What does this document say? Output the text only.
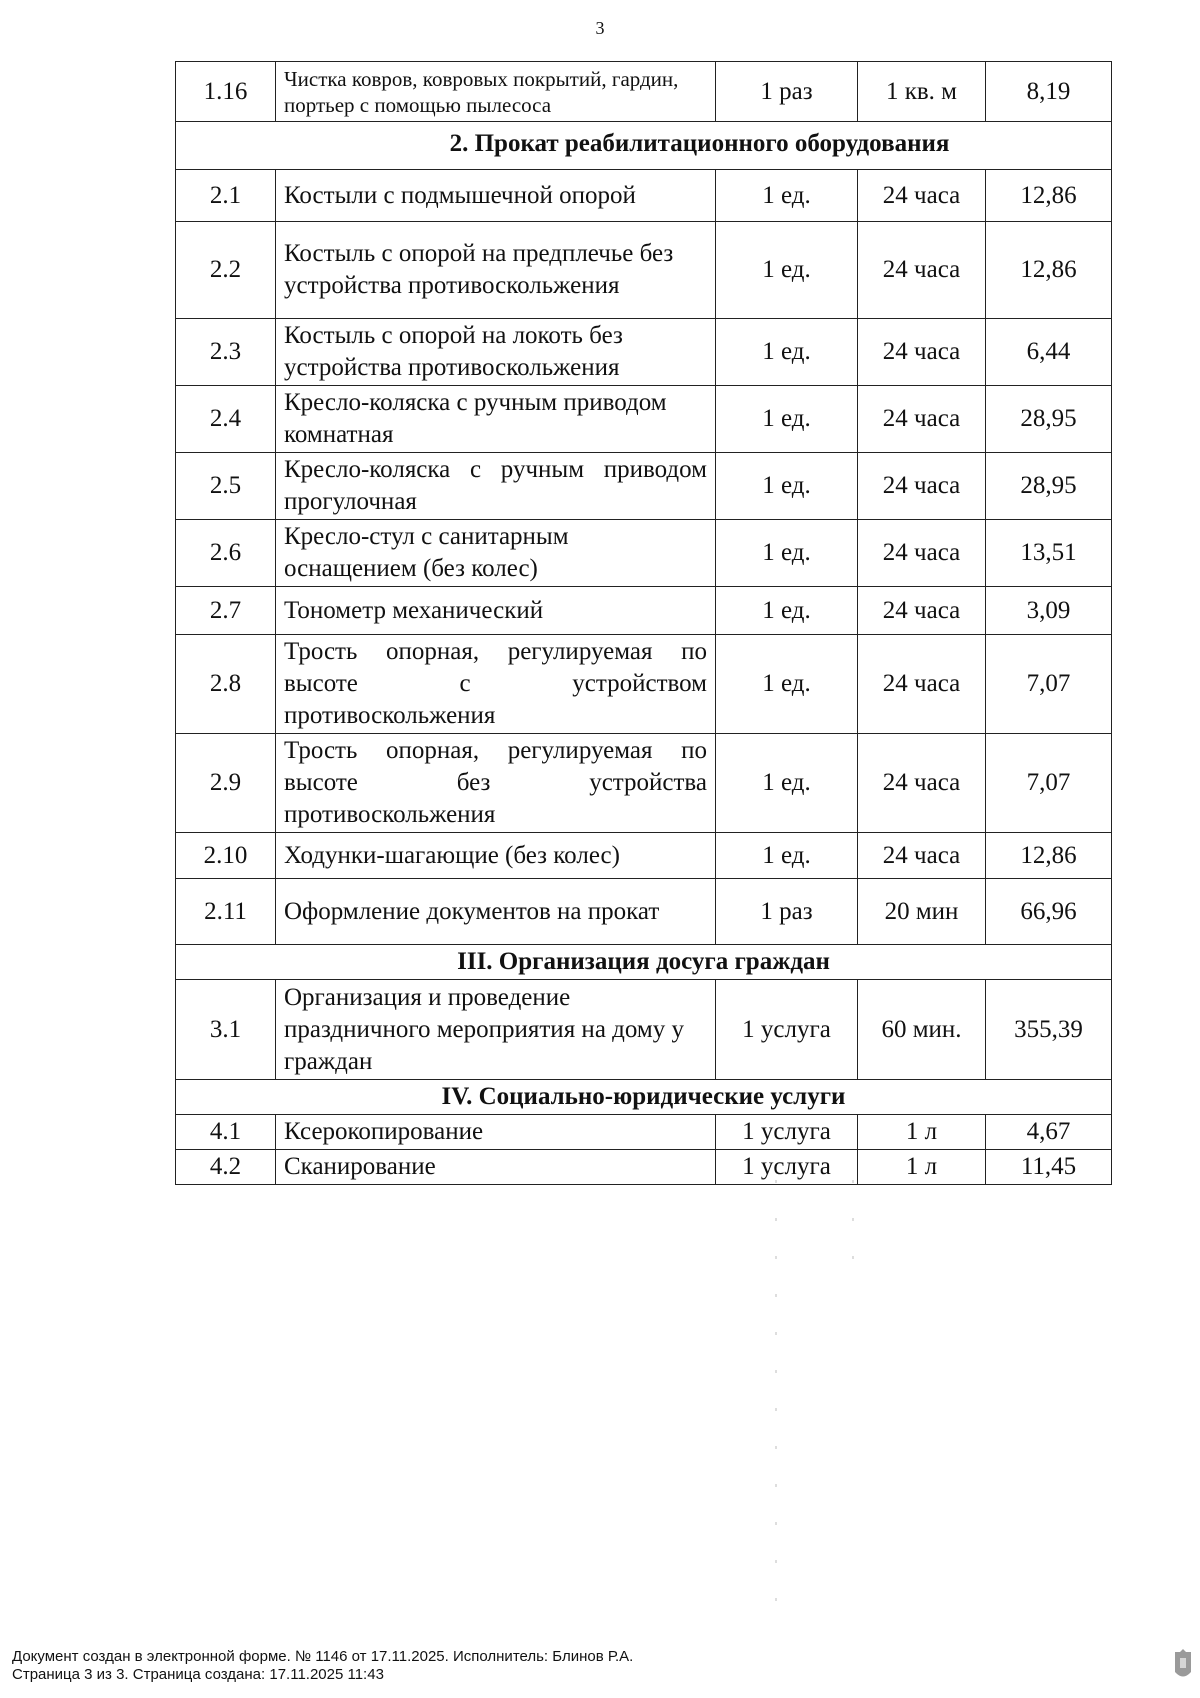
3
1.16	Чистка ковров, ковровых покрытий, гардин, портьер с помощью пылесоса	1 раз	1 кв. м	8,19
2. Прокат реабилитационного оборудования				
2.1	Костыли с подмышечной опорой	1 ед.	24 часа	12,86
2.2	Костыль с опорой на предплечье без устройства противоскольжения	1 ед.	24 часа	12,86
2.3	Костыль с опорой на локоть без устройства противоскольжения	1 ед.	24 часа	6,44
2.4	Кресло-коляска с ручным приводом комнатная	1 ед.	24 часа	28,95
2.5	Кресло-коляска с ручным приводом прогулочная	1 ед.	24 часа	28,95
2.6	Кресло-стул с санитарным оснащением (без колес)	1 ед.	24 часа	13,51
2.7	Тонометр механический	1 ед.	24 часа	3,09
2.8	Трость опорная, регулируемая по высоте с устройством противоскольжения	1 ед.	24 часа	7,07
2.9	Трость опорная, регулируемая по высоте без устройства противоскольжения	1 ед.	24 часа	7,07
2.10	Ходунки-шагающие (без колес)	1 ед.	24 часа	12,86
2.11	Оформление документов на прокат	1 раз	20 мин	66,96
III. Организация досуга граждан				
3.1	Организация и проведение праздничного мероприятия на дому у граждан	1 услуга	60 мин.	355,39
IV. Социально-юридические услуги				
4.1	Ксерокопирование	1 услуга	1 л	4,67
4.2	Сканирование	1 услуга	1 л	11,45
Документ создан в электронной форме. № 1146 от 17.11.2025. Исполнитель: Блинов Р.А.
Страница 3 из 3. Страница создана: 17.11.2025 11:43
